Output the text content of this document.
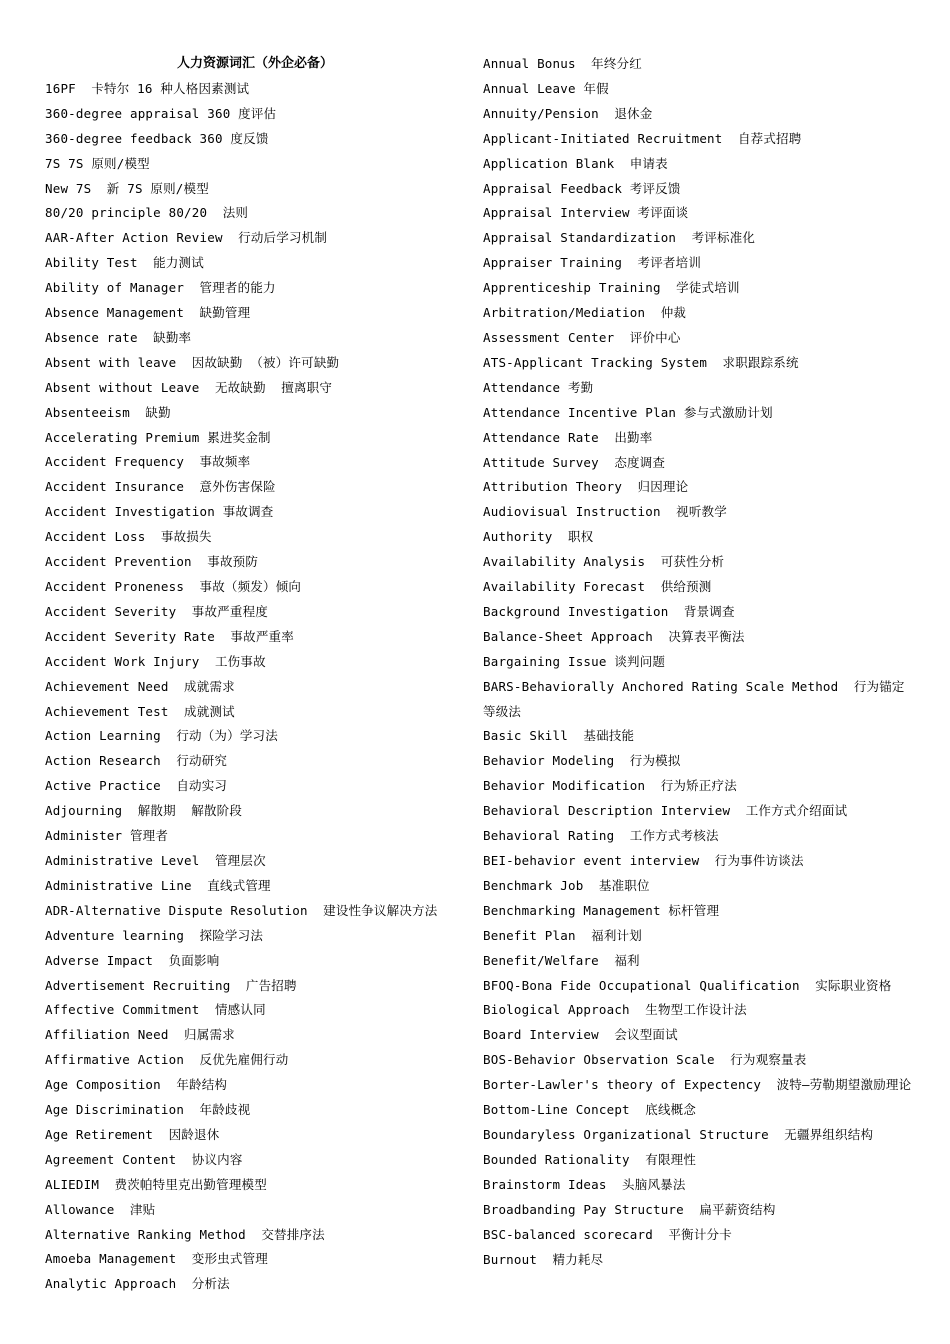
人力资源词汇（外企必备）
16PF  卡特尔 16 种人格因素测试
360-degree appraisal 360 度评估
360-degree feedback 360 度反馈
7S 7S 原则/模型
New 7S  新 7S 原则/模型
80/20 principle 80/20  法则
AAR-After Action Review  行动后学习机制
Ability Test  能力测试
Ability of Manager  管理者的能力
Absence Management  缺勤管理
Absence rate  缺勤率
Absent with leave  因故缺勤 （被）许可缺勤
Absent without Leave  无故缺勤  擅离职守
Absenteeism  缺勤
Accelerating Premium 累进奖金制
Accident Frequency  事故频率
Accident Insurance  意外伤害保险
Accident Investigation 事故调查
Accident Loss  事故损失
Accident Prevention  事故预防
Accident Proneness  事故（频发）倾向
Accident Severity  事故严重程度
Accident Severity Rate  事故严重率
Accident Work Injury  工伤事故
Achievement Need  成就需求
Achievement Test  成就测试
Action Learning  行动（为）学习法
Action Research  行动研究
Active Practice  自动实习
Adjourning  解散期  解散阶段
Administer 管理者
Administrative Level  管理层次
Administrative Line  直线式管理
ADR-Alternative Dispute Resolution  建设性争议解决方法
Adventure learning  探险学习法
Adverse Impact  负面影响
Advertisement Recruiting  广告招聘
Affective Commitment  情感认同
Affiliation Need  归属需求
Affirmative Action  反优先雇佣行动
Age Composition  年龄结构
Age Discrimination  年龄歧视
Age Retirement  因龄退休
Agreement Content  协议内容
ALIEDIM  费茨帕特里克出勤管理模型
Allowance  津贴
Alternative Ranking Method  交替排序法
Amoeba Management  变形虫式管理
Analytic Approach  分析法
Annual Bonus  年终分红
Annual Leave 年假
Annuity/Pension  退休金
Applicant-Initiated Recruitment  自荐式招聘
Application Blank  申请表
Appraisal Feedback 考评反馈
Appraisal Interview 考评面谈
Appraisal Standardization  考评标准化
Appraiser Training  考评者培训
Apprenticeship Training  学徒式培训
Arbitration/Mediation  仲裁
Assessment Center  评价中心
ATS-Applicant Tracking System  求职跟踪系统
Attendance 考勤
Attendance Incentive Plan 参与式激励计划
Attendance Rate  出勤率
Attitude Survey  态度调查
Attribution Theory  归因理论
Audiovisual Instruction  视听教学
Authority  职权
Availability Analysis  可获性分析
Availability Forecast  供给预测
Background Investigation  背景调查
Balance-Sheet Approach  决算表平衡法
Bargaining Issue 谈判问题
BARS-Behaviorally Anchored Rating Scale Method  行为锚定等级法
Basic Skill  基础技能
Behavior Modeling  行为模拟
Behavior Modification  行为矫正疗法
Behavioral Description Interview  工作方式介绍面试
Behavioral Rating  工作方式考核法
BEI-behavior event interview  行为事件访谈法
Benchmark Job  基准职位
Benchmarking Management 标杆管理
Benefit Plan  福利计划
Benefit/Welfare  福利
BFOQ-Bona Fide Occupational Qualification  实际职业资格
Biological Approach  生物型工作设计法
Board Interview  会议型面试
BOS-Behavior Observation Scale  行为观察量表
Borter-Lawler's theory of Expectency  波特—劳勒期望激励理论
Bottom-Line Concept  底线概念
Boundaryless Organizational Structure  无疆界组织结构
Bounded Rationality  有限理性
Brainstorm Ideas  头脑风暴法
Broadbanding Pay Structure  扁平薪资结构
BSC-balanced scorecard  平衡计分卡
Burnout  精力耗尽
